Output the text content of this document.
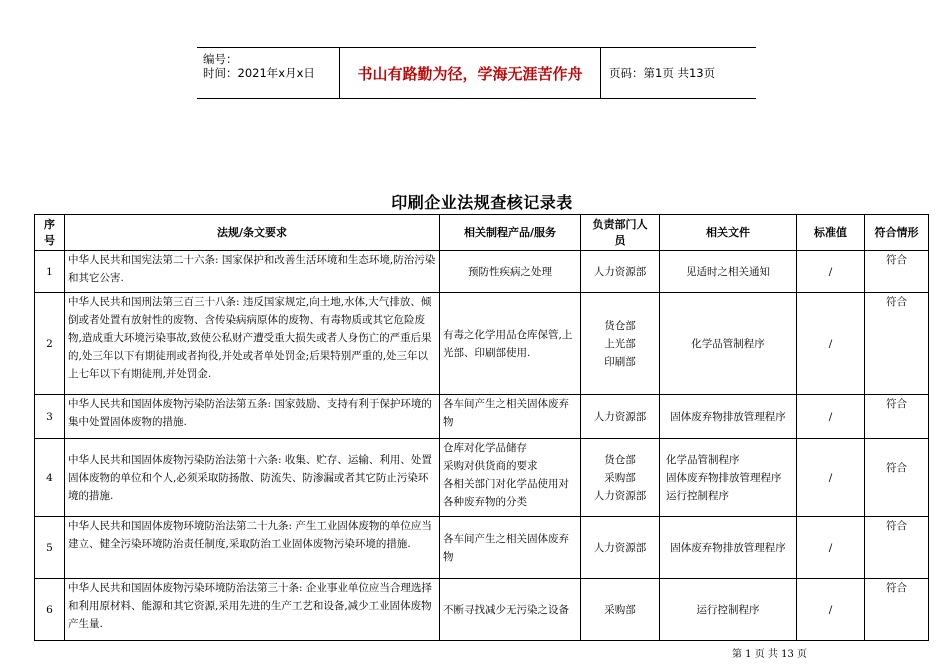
编号：
时间：2021年x月x日	书山有路勤为径，学海无涯苦作舟	页码：第1页 共13页
印刷企业法规查核记录表
序号	法规/条文要求	相关制程产品/服务	负责部门人员	相关文件	标准值	符合情形
1	中华人民共和国宪法第二十六条: 国家保护和改善生活环境和生态环境,防治污染和其它公害.	预防性疾病之处理	人力资源部	见适时之相关通知	/	符合
2	中华人民共和国刑法第三百三十八条: 违反国家规定,向土地,水体,大气排放、倾倒或者处置有放射性的废物、含传染病病原体的废物、有毒物质或其它危险废物,造成重大环境污染事故,致使公私财产遭受重大损失或者人身伤亡的严重后果的,处三年以下有期徒刑或者拘役,并处或者单处罚金;后果特别严重的,处三年以上七年以下有期徒刑,并处罚金.	有毒之化学用品仓库保管,上光部、印刷部使用.	货仓部
上光部
印刷部	化学品管制程序	/	符合
3	中华人民共和国固体废物污染防治法第五条: 国家鼓励、支持有利于保护环境的集中处置固体废物的措施.	各车间产生之相关固体废弃物	人力资源部	固体废弃物排放管理程序	/	符合
4	中华人民共和国固体废物污染防治法第十六条: 收集、贮存、运输、利用、处置固体废物的单位和个人,必须采取防扬散、防流失、防渗漏或者其它防止污染环境的措施.	仓库对化学品储存
采购对供货商的要求
各相关部门对化学品使用对各种废弃物的分类	货仓部
采购部
人力资源部	化学品管制程序
固体废弃物排放管理程序
运行控制程序	/	符合
5	中华人民共和国固体废物环境防治法第二十九条: 产生工业固体废物的单位应当建立、健全污染环境防治责任制度,采取防治工业固体废物污染环境的措施.	各车间产生之相关固体废弃物	人力资源部	固体废弃物排放管理程序	/	符合
6	中华人民共和国固体废物污染环境防治法第三十条: 企业事业单位应当合理选择和利用原材料、能源和其它资源,采用先进的生产工艺和设备,减少工业固体废物产生量.	不断寻找减少无污染之设备	采购部	运行控制程序	/	符合
第 1 页 共 13 页
